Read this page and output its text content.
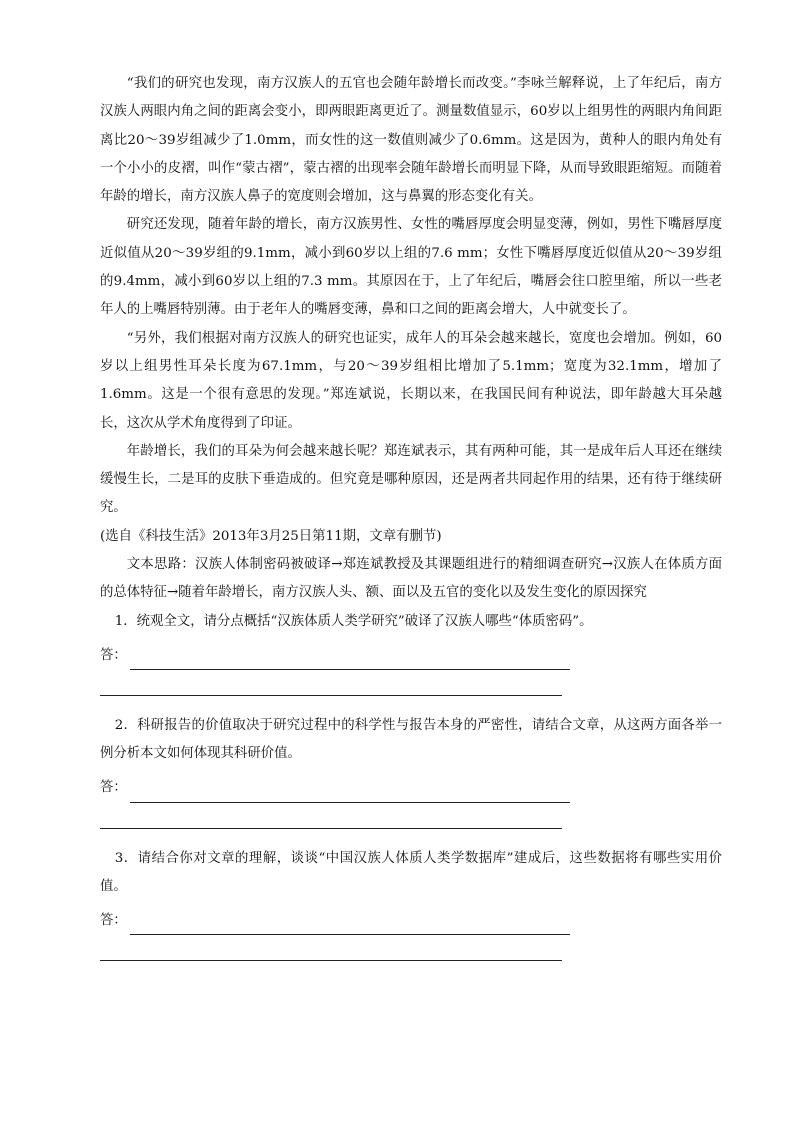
“我们的研究也发现，南方汉族人的五官也会随年龄增长而改变。”李咏兰解释说，上了年纪后，南方汉族人两眼内角之间的距离会变小，即两眼距离更近了。测量数值显示，60岁以上组男性的两眼内角间距离比20～39岁组减少了1.0mm，而女性的这一数值则减少了0.6mm。这是因为，黄种人的眼内角处有一个小小的皮褶，叫作“蒙古褶”，蒙古褶的出现率会随年龄增长而明显下降，从而导致眼距缩短。而随着年龄的增长，南方汉族人鼻子的宽度则会增加，这与鼻翼的形态变化有关。

研究还发现，随着年龄的增长，南方汉族男性、女性的嘴唇厚度会明显变薄，例如，男性下嘴唇厚度近似值从20～39岁组的9.1mm，减小到60岁以上组的7.6 mm；女性下嘴唇厚度近似值从20～39岁组的9.4mm，减小到60岁以上组的7.3 mm。其原因在于，上了年纪后，嘴唇会往口腔里缩，所以一些老年人的上嘴唇特别薄。由于老年人的嘴唇变薄，鼻和口之间的距离会增大，人中就变长了。

“另外，我们根据对南方汉族人的研究也证实，成年人的耳朵会越来越长，宽度也会增加。例如，60岁以上组男性耳朵长度为67.1mm，与20～39岁组相比增加了5.1mm；宽度为32.1mm，增加了1.6mm。这是一个很有意思的发现。”郑连斌说，长期以来，在我国民间有种说法，即年龄越大耳朵越长，这次从学术角度得到了印证。

年龄增长，我们的耳朵为何会越来越长呢？郑连斌表示，其有两种可能，其一是成年后人耳还在继续缓慢生长，二是耳的皮肤下垂造成的。但究竟是哪种原因，还是两者共同起作用的结果，还有待于继续研究。

(选自《科技生活》2013年3月25日第11期，文章有删节)

文本思路：汉族人体制密码被破译→郑连斌教授及其课题组进行的精细调查研究→汉族人在体质方面的总体特征→随着年龄增长，南方汉族人头、额、面以及五官的变化以及发生变化的原因探究

1．统观全文，请分点概括“汉族体质人类学研究”破译了汉族人哪些“体质密码”。

答：

2．科研报告的价值取决于研究过程中的科学性与报告本身的严密性，请结合文章，从这两方面各举一例分析本文如何体现其科研价值。

答：

3．请结合你对文章的理解，谈谈“中国汉族人体质人类学数据库”建成后，这些数据将有哪些实用价值。

答：
